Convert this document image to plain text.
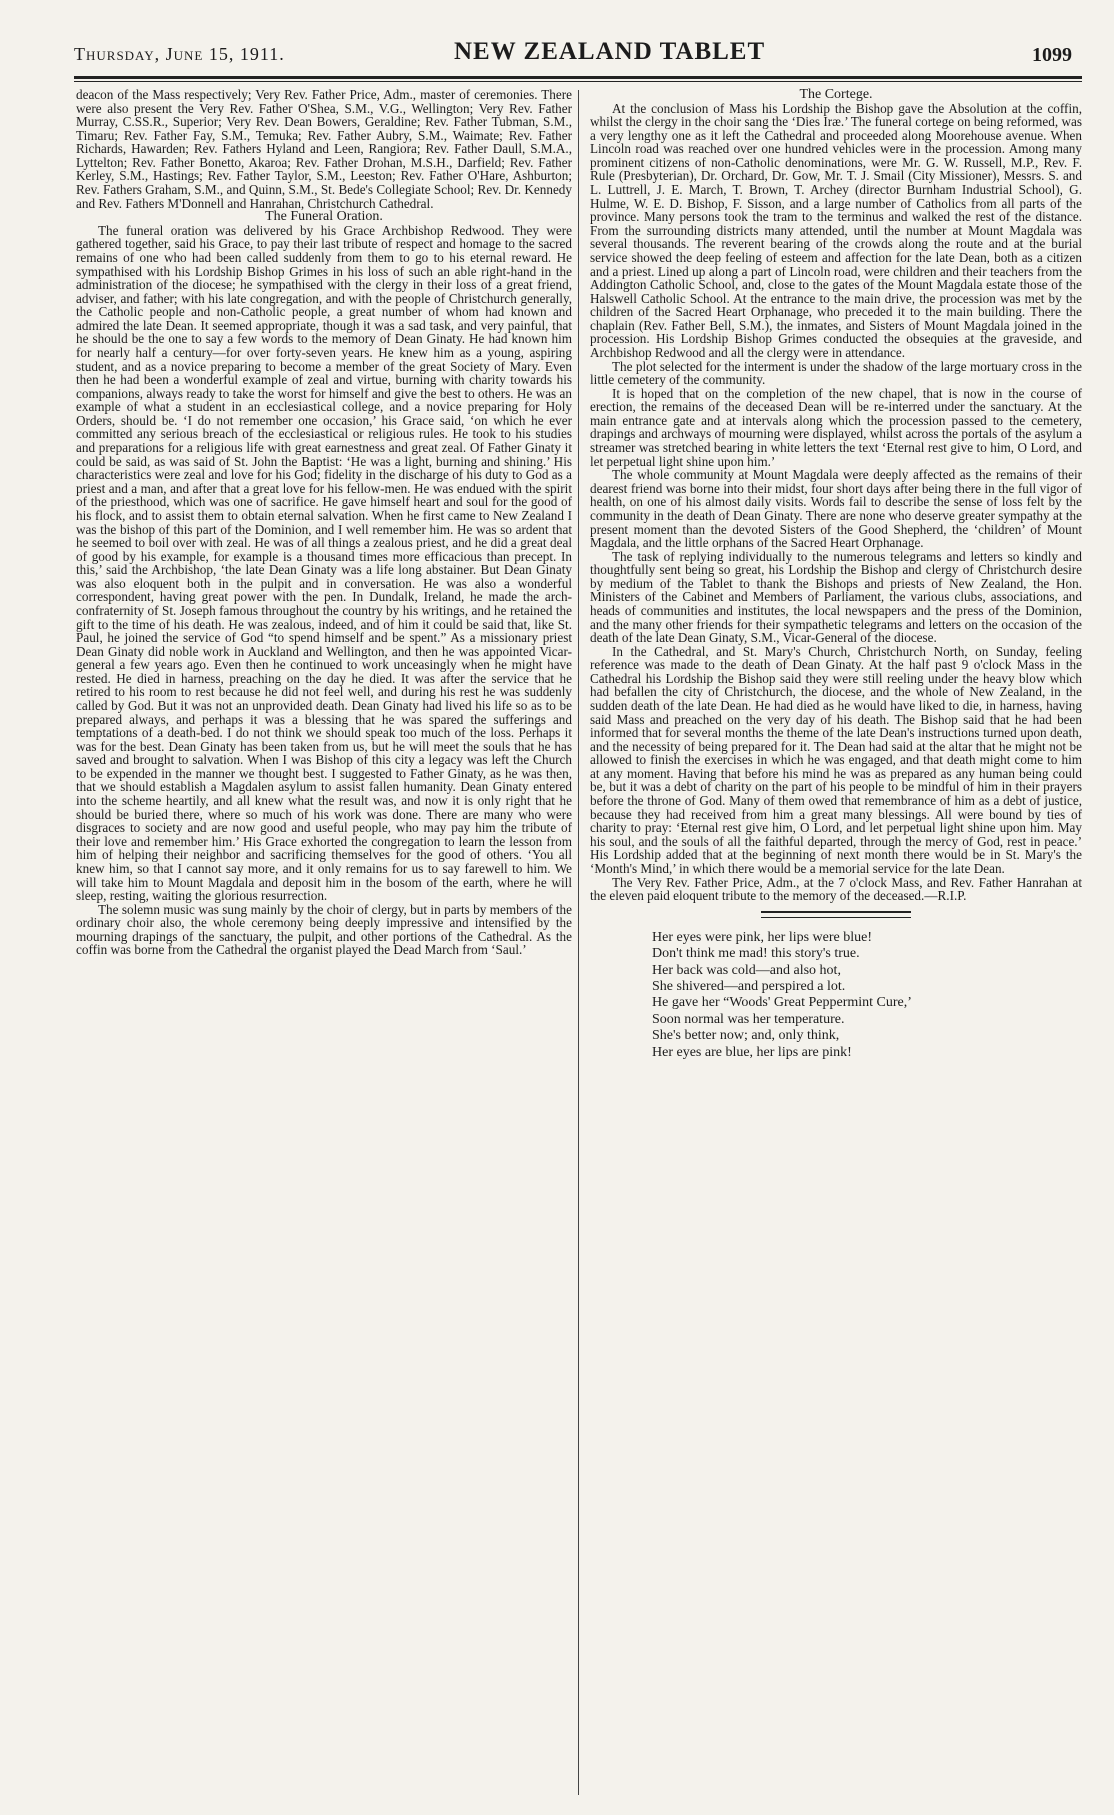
Thursday, June 15, 1911.	NEW ZEALAND TABLET	1099

deacon of the Mass respectively; Very Rev. Father Price, Adm., master of ceremonies. There were also present the Very Rev. Father O'Shea, S.M., V.G., Wellington; Very Rev. Father Murray, C.SS.R., Superior; Very Rev. Dean Bowers, Geraldine; Rev. Father Tubman, S.M., Timaru; Rev. Father Fay, S.M., Temuka; Rev. Father Aubry, S.M., Waimate; Rev. Father Richards, Hawarden; Rev. Fathers Hyland and Leen, Rangiora; Rev. Father Daull, S.M.A., Lyttelton; Rev. Father Bonetto, Akaroa; Rev. Father Drohan, M.S.H., Darfield; Rev. Father Kerley, S.M., Hastings; Rev. Father Taylor, S.M., Leeston; Rev. Father O'Hare, Ashburton; Rev. Fathers Graham, S.M., and Quinn, S.M., St. Bede's Collegiate School; Rev. Dr. Kennedy and Rev. Fathers M'Donnell and Hanrahan, Christchurch Cathedral.

The Funeral Oration.

The funeral oration was delivered by his Grace Archbishop Redwood. They were gathered together, said his Grace, to pay their last tribute of respect and homage to the sacred remains of one who had been called suddenly from them to go to his eternal reward. He sympathised with his Lordship Bishop Grimes in his loss of such an able right-hand in the administration of the diocese; he sympathised with the clergy in their loss of a great friend, adviser, and father; with his late congregation, and with the people of Christchurch generally, the Catholic people and non-Catholic people, a great number of whom had known and admired the late Dean. It seemed appropriate, though it was a sad task, and very painful, that he should be the one to say a few words to the memory of Dean Ginaty. He had known him for nearly half a century—for over forty-seven years. He knew him as a young, aspiring student, and as a novice preparing to become a member of the great Society of Mary. Even then he had been a wonderful example of zeal and virtue, burning with charity towards his companions, always ready to take the worst for himself and give the best to others. He was an example of what a student in an ecclesiastical college, and a novice preparing for Holy Orders, should be. ‘I do not remember one occasion,’ his Grace said, ‘on which he ever committed any serious breach of the ecclesiastical or religious rules. He took to his studies and preparations for a religious life with great earnestness and great zeal. Of Father Ginaty it could be said, as was said of St. John the Baptist: ‘He was a light, burning and shining.’ His characteristics were zeal and love for his God; fidelity in the discharge of his duty to God as a priest and a man, and after that a great love for his fellow-men. He was endued with the spirit of the priesthood, which was one of sacrifice. He gave himself heart and soul for the good of his flock, and to assist them to obtain eternal salvation. When he first came to New Zealand I was the bishop of this part of the Dominion, and I well remember him. He was so ardent that he seemed to boil over with zeal. He was of all things a zealous priest, and he did a great deal of good by his example, for example is a thousand times more efficacious than precept. In this,’ said the Archbishop, ‘the late Dean Ginaty was a life long abstainer. But Dean Ginaty was also eloquent both in the pulpit and in conversation. He was also a wonderful correspondent, having great power with the pen. In Dundalk, Ireland, he made the arch-confraternity of St. Joseph famous throughout the country by his writings, and he retained the gift to the time of his death. He was zealous, indeed, and of him it could be said that, like St. Paul, he joined the service of God “to spend himself and be spent.” As a missionary priest Dean Ginaty did noble work in Auckland and Wellington, and then he was appointed Vicar-general a few years ago. Even then he continued to work unceasingly when he might have rested. He died in harness, preaching on the day he died. It was after the service that he retired to his room to rest because he did not feel well, and during his rest he was suddenly called by God. But it was not an unprovided death. Dean Ginaty had lived his life so as to be prepared always, and perhaps it was a blessing that he was spared the sufferings and temptations of a death-bed. I do not think we should speak too much of the loss. Perhaps it was for the best. Dean Ginaty has been taken from us, but he will meet the souls that he has saved and brought to salvation. When I was Bishop of this city a legacy was left the Church to be expended in the manner we thought best. I suggested to Father Ginaty, as he was then, that we should establish a Magdalen asylum to assist fallen humanity. Dean Ginaty entered into the scheme heartily, and all knew what the result was, and now it is only right that he should be buried there, where so much of his work was done. There are many who were disgraces to society and are now good and useful people, who may pay him the tribute of their love and remember him.’ His Grace exhorted the congregation to learn the lesson from him of helping their neighbor and sacrificing themselves for the good of others. ‘You all knew him, so that I cannot say more, and it only remains for us to say farewell to him. We will take him to Mount Magdala and deposit him in the bosom of the earth, where he will sleep, resting, waiting the glorious resurrection.

The solemn music was sung mainly by the choir of clergy, but in parts by members of the ordinary choir also, the whole ceremony being deeply impressive and intensified by the mourning drapings of the sanctuary, the pulpit, and other portions of the Cathedral. As the coffin was borne from the Cathedral the organist played the Dead March from ‘Saul.’

The Cortege.

At the conclusion of Mass his Lordship the Bishop gave the Absolution at the coffin, whilst the clergy in the choir sang the ‘Dies Iræ.’ The funeral cortege on being reformed, was a very lengthy one as it left the Cathedral and proceeded along Moorehouse avenue. When Lincoln road was reached over one hundred vehicles were in the procession. Among many prominent citizens of non-Catholic denominations, were Mr. G. W. Russell, M.P., Rev. F. Rule (Presbyterian), Dr. Orchard, Dr. Gow, Mr. T. J. Smail (City Missioner), Messrs. S. and L. Luttrell, J. E. March, T. Brown, T. Archey (director Burnham Industrial School), G. Hulme, W. E. D. Bishop, F. Sisson, and a large number of Catholics from all parts of the province. Many persons took the tram to the terminus and walked the rest of the distance. From the surrounding districts many attended, until the number at Mount Magdala was several thousands. The reverent bearing of the crowds along the route and at the burial service showed the deep feeling of esteem and affection for the late Dean, both as a citizen and a priest. Lined up along a part of Lincoln road, were children and their teachers from the Addington Catholic School, and, close to the gates of the Mount Magdala estate those of the Halswell Catholic School. At the entrance to the main drive, the procession was met by the children of the Sacred Heart Orphanage, who preceded it to the main building. There the chaplain (Rev. Father Bell, S.M.), the inmates, and Sisters of Mount Magdala joined in the procession. His Lordship Bishop Grimes conducted the obsequies at the graveside, and Archbishop Redwood and all the clergy were in attendance.

The plot selected for the interment is under the shadow of the large mortuary cross in the little cemetery of the community.

It is hoped that on the completion of the new chapel, that is now in the course of erection, the remains of the deceased Dean will be re-interred under the sanctuary. At the main entrance gate and at intervals along which the procession passed to the cemetery, drapings and archways of mourning were displayed, whilst across the portals of the asylum a streamer was stretched bearing in white letters the text ‘Eternal rest give to him, O Lord, and let perpetual light shine upon him.’

The whole community at Mount Magdala were deeply affected as the remains of their dearest friend was borne into their midst, four short days after being there in the full vigor of health, on one of his almost daily visits. Words fail to describe the sense of loss felt by the community in the death of Dean Ginaty. There are none who deserve greater sympathy at the present moment than the devoted Sisters of the Good Shepherd, the ‘children’ of Mount Magdala, and the little orphans of the Sacred Heart Orphanage.

The task of replying individually to the numerous telegrams and letters so kindly and thoughtfully sent being so great, his Lordship the Bishop and clergy of Christchurch desire by medium of the Tablet to thank the Bishops and priests of New Zealand, the Hon. Ministers of the Cabinet and Members of Parliament, the various clubs, associations, and heads of communities and institutes, the local newspapers and the press of the Dominion, and the many other friends for their sympathetic telegrams and letters on the occasion of the death of the late Dean Ginaty, S.M., Vicar-General of the diocese.

In the Cathedral, and St. Mary's Church, Christchurch North, on Sunday, feeling reference was made to the death of Dean Ginaty. At the half past 9 o'clock Mass in the Cathedral his Lordship the Bishop said they were still reeling under the heavy blow which had befallen the city of Christchurch, the diocese, and the whole of New Zealand, in the sudden death of the late Dean. He had died as he would have liked to die, in harness, having said Mass and preached on the very day of his death. The Bishop said that he had been informed that for several months the theme of the late Dean's instructions turned upon death, and the necessity of being prepared for it. The Dean had said at the altar that he might not be allowed to finish the exercises in which he was engaged, and that death might come to him at any moment. Having that before his mind he was as prepared as any human being could be, but it was a debt of charity on the part of his people to be mindful of him in their prayers before the throne of God. Many of them owed that remembrance of him as a debt of justice, because they had received from him a great many blessings. All were bound by ties of charity to pray: ‘Eternal rest give him, O Lord, and let perpetual light shine upon him. May his soul, and the souls of all the faithful departed, through the mercy of God, rest in peace.’ His Lordship added that at the beginning of next month there would be in St. Mary's the ‘Month's Mind,’ in which there would be a memorial service for the late Dean.

The Very Rev. Father Price, Adm., at the 7 o'clock Mass, and Rev. Father Hanrahan at the eleven paid eloquent tribute to the memory of the deceased.—R.I.P.

Her eyes were pink, her lips were blue!
Don't think me mad! this story's true.
Her back was cold—and also hot,
She shivered—and perspired a lot.
He gave her “Woods' Great Peppermint Cure,’
Soon normal was her temperature.
She's better now; and, only think,
Her eyes are blue, her lips are pink!
